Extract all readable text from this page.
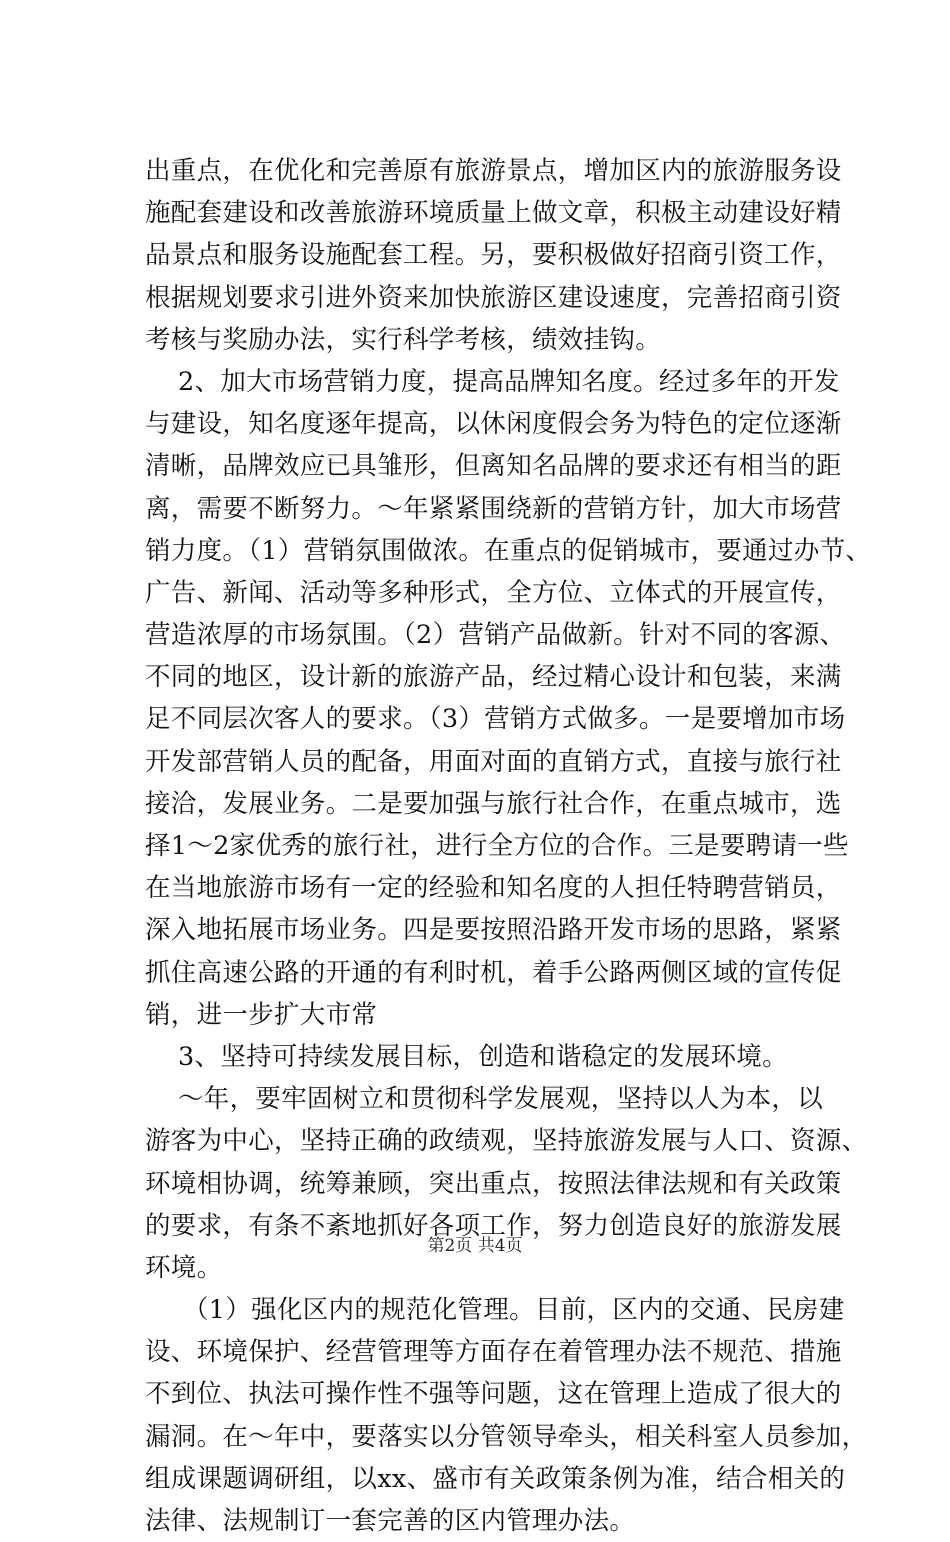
出重点，在优化和完善原有旅游景点，增加区内的旅游服务设
施配套建设和改善旅游环境质量上做文章，积极主动建设好精
品景点和服务设施配套工程。另，要积极做好招商引资工作，
根据规划要求引进外资来加快旅游区建设速度，完善招商引资
考核与奖励办法，实行科学考核，绩效挂钩。
2、加大市场营销力度，提高品牌知名度。经过多年的开发
与建设，知名度逐年提高，以休闲度假会务为特色的定位逐渐
清晰，品牌效应已具雏形，但离知名品牌的要求还有相当的距
离，需要不断努力。～年紧紧围绕新的营销方针，加大市场营
销力度。（1）营销氛围做浓。在重点的促销城市，要通过办节、
广告、新闻、活动等多种形式，全方位、立体式的开展宣传，
营造浓厚的市场氛围。（2）营销产品做新。针对不同的客源、
不同的地区，设计新的旅游产品，经过精心设计和包装，来满
足不同层次客人的要求。（3）营销方式做多。一是要增加市场
开发部营销人员的配备，用面对面的直销方式，直接与旅行社
接洽，发展业务。二是要加强与旅行社合作，在重点城市，选
择1～2家优秀的旅行社，进行全方位的合作。三是要聘请一些
在当地旅游市场有一定的经验和知名度的人担任特聘营销员，
深入地拓展市场业务。四是要按照沿路开发市场的思路，紧紧
抓住高速公路的开通的有利时机，着手公路两侧区域的宣传促
销，进一步扩大市常
3、坚持可持续发展目标，创造和谐稳定的发展环境。
～年，要牢固树立和贯彻科学发展观，坚持以人为本，以
游客为中心，坚持正确的政绩观，坚持旅游发展与人口、资源、
环境相协调，统筹兼顾，突出重点，按照法律法规和有关政策
的要求，有条不紊地抓好各项工作，努力创造良好的旅游发展
环境。
（1）强化区内的规范化管理。目前，区内的交通、民房建
设、环境保护、经营管理等方面存在着管理办法不规范、措施
不到位、执法可操作性不强等问题，这在管理上造成了很大的
漏洞。在～年中，要落实以分管领导牵头，相关科室人员参加，
组成课题调研组，以xx、盛市有关政策条例为准，结合相关的
法律、法规制订一套完善的区内管理办法。
第2页 共4页
